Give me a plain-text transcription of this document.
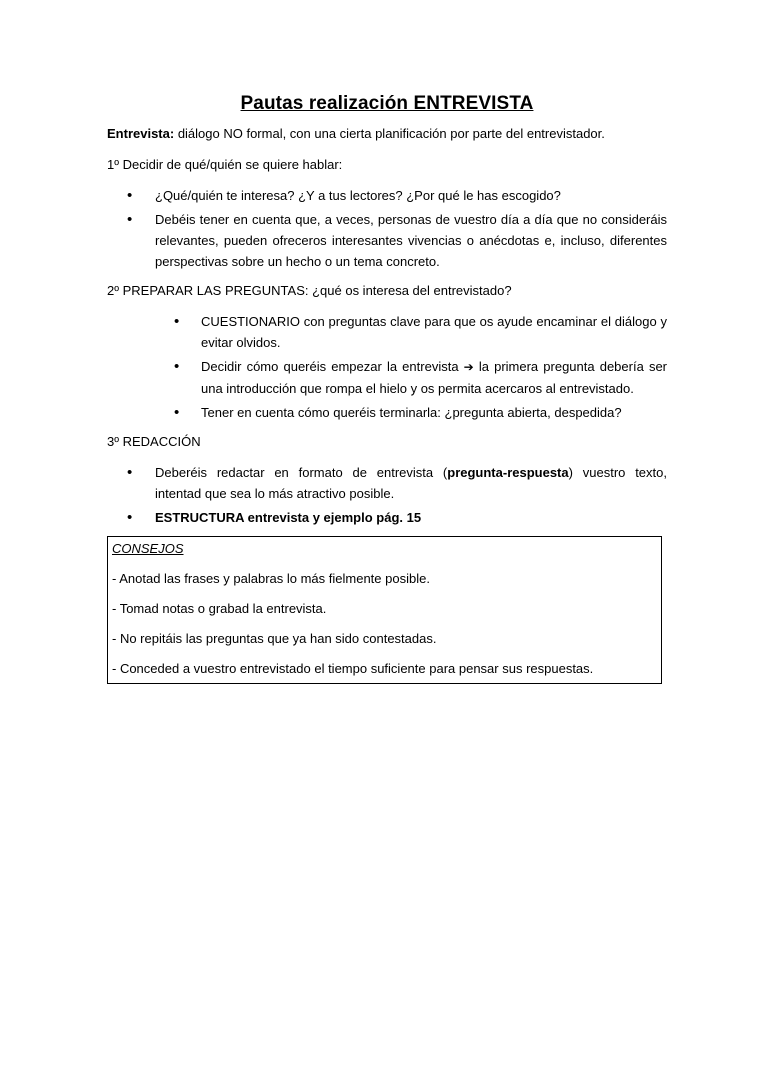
Pautas realización ENTREVISTA

Entrevista: diálogo NO formal, con una cierta planificación por parte del entrevistador.

1º Decidir de qué/quién se quiere hablar:

• ¿Qué/quién te interesa? ¿Y a tus lectores? ¿Por qué le has escogido?
• Debéis tener en cuenta que, a veces, personas de vuestro día a día que no consideráis relevantes, pueden ofreceros interesantes vivencias o anécdotas e, incluso, diferentes perspectivas sobre un hecho o un tema concreto.

2º PREPARAR LAS PREGUNTAS: ¿qué os interesa del entrevistado?

• CUESTIONARIO con preguntas clave para que os ayude encaminar el diálogo y evitar olvidos.
• Decidir cómo queréis empezar la entrevista ➔ la primera pregunta debería ser una introducción que rompa el hielo y os permita acercaros al entrevistado.
• Tener en cuenta cómo queréis terminarla: ¿pregunta abierta, despedida?

3º REDACCIÓN

• Deberéis redactar en formato de entrevista (pregunta-respuesta) vuestro texto, intentad que sea lo más atractivo posible.
• ESTRUCTURA entrevista y ejemplo pág. 15
CONSEJOS

- Anotad las frases y palabras lo más fielmente posible.

- Tomad notas o grabad la entrevista.

- No repitáis las preguntas que ya han sido contestadas.

- Conceded a vuestro entrevistado el tiempo suficiente para pensar sus respuestas.
